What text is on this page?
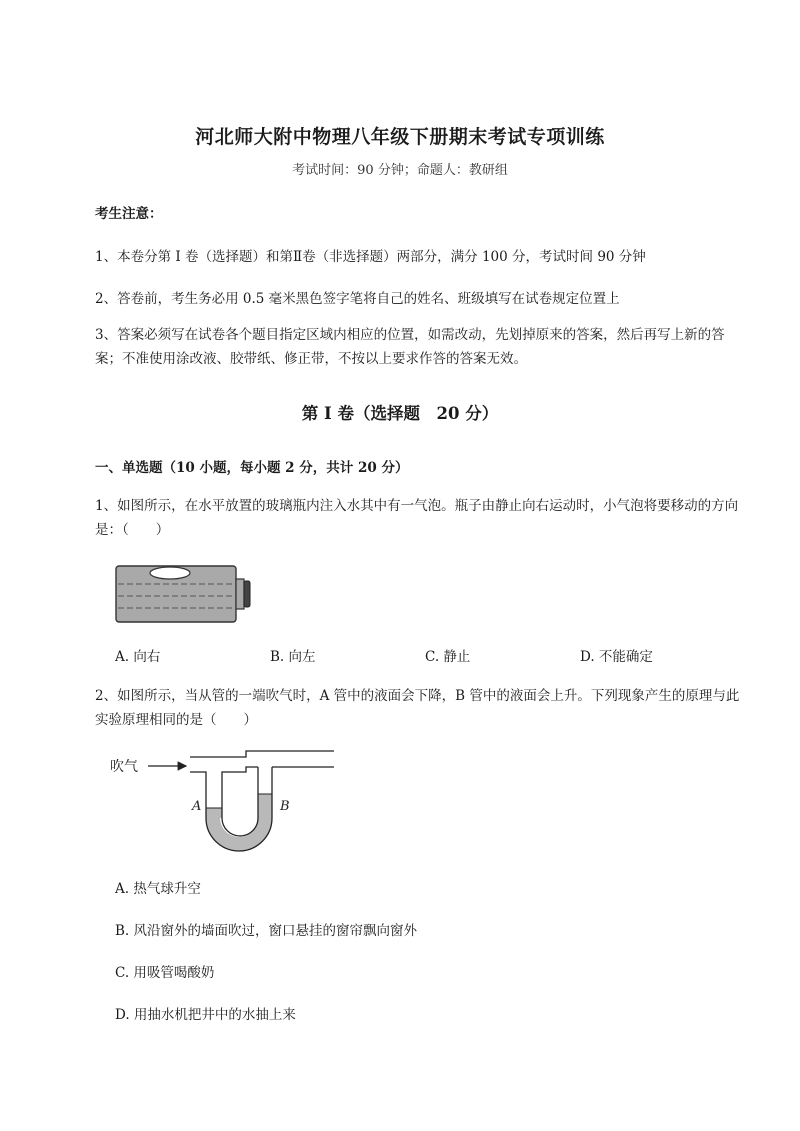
河北师大附中物理八年级下册期末考试专项训练
考试时间：90 分钟；命题人：教研组
考生注意：
1、本卷分第 I 卷（选择题）和第Ⅱ卷（非选择题）两部分，满分 100 分，考试时间 90 分钟
2、答卷前，考生务必用 0.5 毫米黑色签字笔将自己的姓名、班级填写在试卷规定位置上
3、答案必须写在试卷各个题目指定区域内相应的位置，如需改动，先划掉原来的答案，然后再写上新的答案；不准使用涂改液、胶带纸、修正带，不按以上要求作答的答案无效。
第 I 卷（选择题　20 分）
一、单选题（10 小题，每小题 2 分，共计 20 分）
1、如图所示，在水平放置的玻璃瓶内注入水其中有一气泡。瓶子由静止向右运动时，小气泡将要移动的方向是：（　　）
A. 向右	B. 向左	C. 静止	D. 不能确定
2、如图所示，当从管的一端吹气时，A 管中的液面会下降，B 管中的液面会上升。下列现象产生的原理与此实验原理相同的是（　　）
吹气
A	B
A. 热气球升空
B. 风沿窗外的墙面吹过，窗口悬挂的窗帘飘向窗外
C. 用吸管喝酸奶
D. 用抽水机把井中的水抽上来
